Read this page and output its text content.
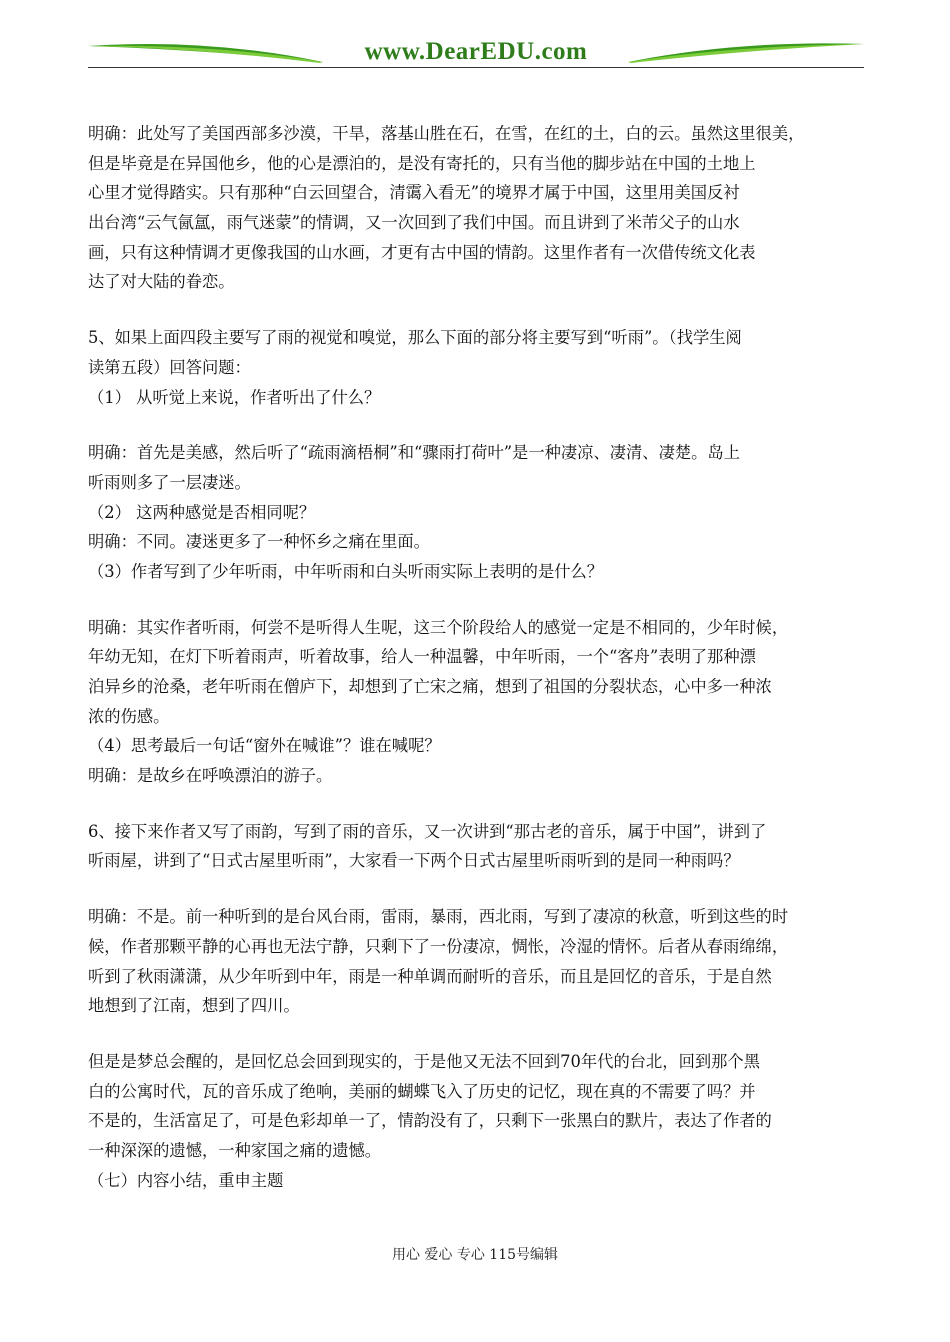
www.DearEDU.com
明确：此处写了美国西部多沙漠，干旱，落基山胜在石，在雪，在红的土，白的云。虽然这里很美，
但是毕竟是在异国他乡，他的心是漂泊的，是没有寄托的，只有当他的脚步站在中国的土地上
心里才觉得踏实。只有那种“白云回望合，清霭入看无”的境界才属于中国，这里用美国反衬
出台湾“云气氤氲，雨气迷蒙”的情调，又一次回到了我们中国。而且讲到了米芾父子的山水
画，只有这种情调才更像我国的山水画，才更有古中国的情韵。这里作者有一次借传统文化表
达了对大陆的眷恋。
5、如果上面四段主要写了雨的视觉和嗅觉，那么下面的部分将主要写到“听雨”。（找学生阅
读第五段）回答问题：
（1） 从听觉上来说，作者听出了什么？
明确：首先是美感，然后听了“疏雨滴梧桐”和“骤雨打荷叶”是一种凄凉、凄清、凄楚。岛上
听雨则多了一层凄迷。
（2） 这两种感觉是否相同呢？
明确：不同。凄迷更多了一种怀乡之痛在里面。
（3）作者写到了少年听雨，中年听雨和白头听雨实际上表明的是什么？
明确：其实作者听雨，何尝不是听得人生呢，这三个阶段给人的感觉一定是不相同的，少年时候，
年幼无知，在灯下听着雨声，听着故事，给人一种温馨，中年听雨，一个“客舟”表明了那种漂
泊异乡的沧桑，老年听雨在僧庐下，却想到了亡宋之痛，想到了祖国的分裂状态，心中多一种浓
浓的伤感。
（4）思考最后一句话“窗外在喊谁”？谁在喊呢？
明确：是故乡在呼唤漂泊的游子。
6、接下来作者又写了雨韵，写到了雨的音乐，又一次讲到“那古老的音乐，属于中国”，讲到了
听雨屋，讲到了“日式古屋里听雨”，大家看一下两个日式古屋里听雨听到的是同一种雨吗？
明确：不是。前一种听到的是台风台雨，雷雨，暴雨，西北雨，写到了凄凉的秋意，听到这些的时
候，作者那颗平静的心再也无法宁静，只剩下了一份凄凉，惆怅，冷湿的情怀。后者从春雨绵绵，
听到了秋雨潇潇，从少年听到中年，雨是一种单调而耐听的音乐，而且是回忆的音乐，于是自然
地想到了江南，想到了四川。
但是是梦总会醒的，是回忆总会回到现实的，于是他又无法不回到70年代的台北，回到那个黑
白的公寓时代，瓦的音乐成了绝响，美丽的蝴蝶飞入了历史的记忆，现在真的不需要了吗？并
不是的，生活富足了，可是色彩却单一了，情韵没有了，只剩下一张黑白的默片，表达了作者的
一种深深的遗憾，一种家国之痛的遗憾。
（七）内容小结，重申主题
用心 爱心 专心 115号编辑
